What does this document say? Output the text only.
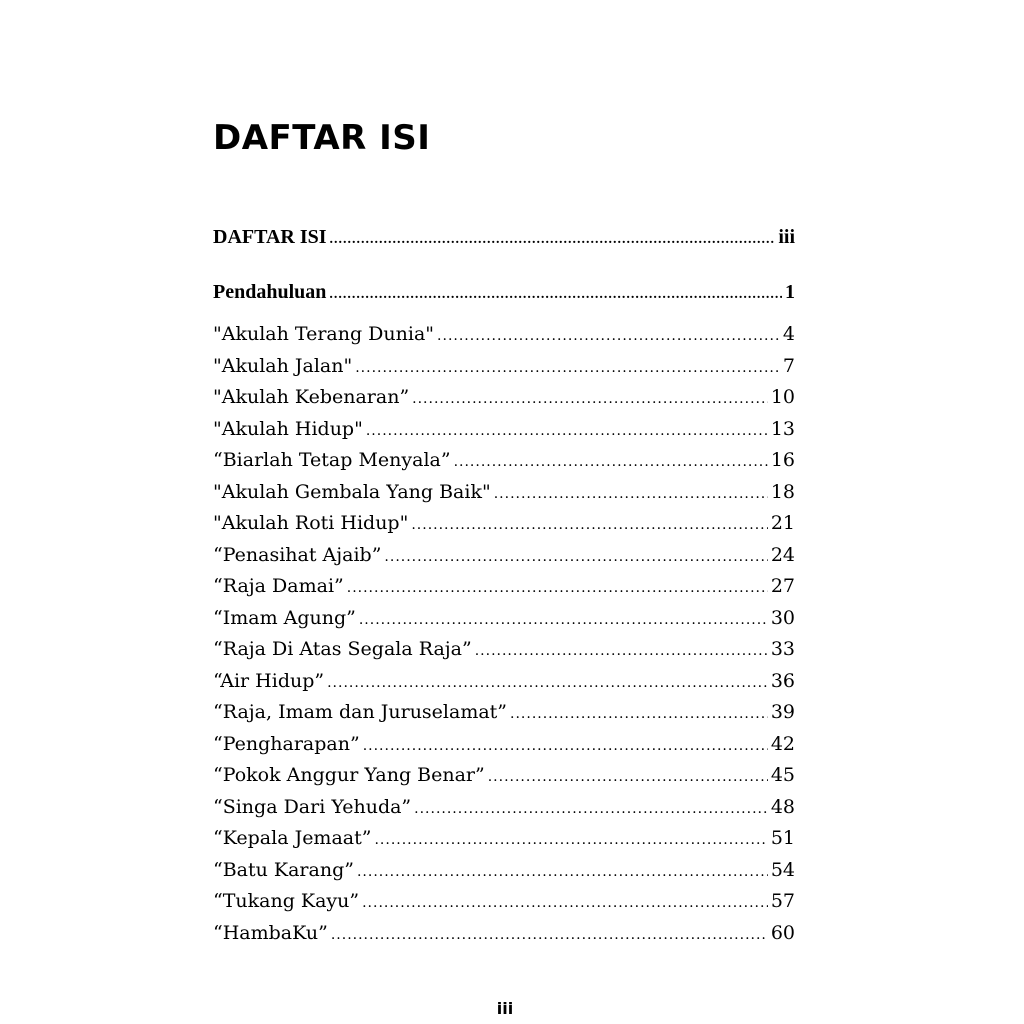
DAFTAR ISI
DAFTAR ISI .....	iii
Pendahuluan .....	1
"Akulah Terang Dunia" .....	4
"Akulah Jalan" .....	7
"Akulah Kebenaran” .....	10
"Akulah Hidup" .....	13
“Biarlah Tetap Menyala” .....	16
"Akulah Gembala Yang Baik" .....	18
"Akulah Roti Hidup" .....	21
“Penasihat Ajaib” .....	24
“Raja Damai” .....	27
“Imam Agung” .....	30
“Raja Di Atas Segala Raja” .....	33
“Air Hidup” .....	36
“Raja, Imam dan Juruselamat” .....	39
“Pengharapan” .....	42
“Pokok Anggur Yang Benar” .....	45
“Singa Dari Yehuda” .....	48
“Kepala Jemaat” .....	51
“Batu Karang” .....	54
“Tukang Kayu” .....	57
“HambaKu” .....	60
iii
